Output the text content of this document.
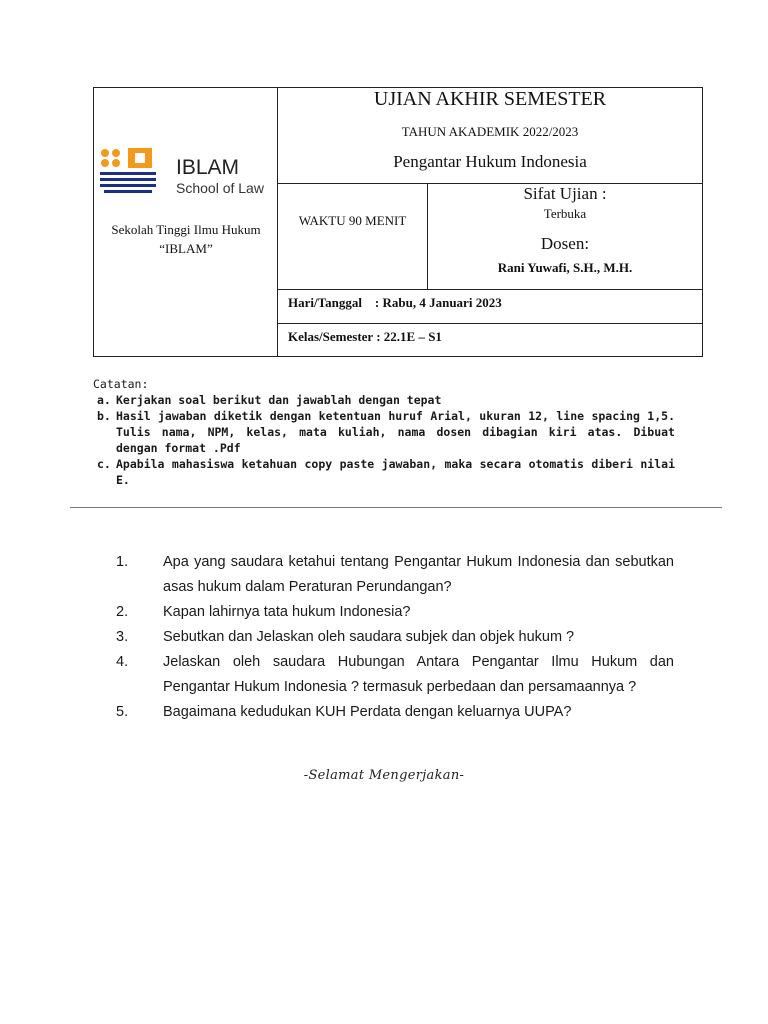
IBLAM
School of Law
Sekolah Tinggi Ilmu Hukum “IBLAM”
UJIAN AKHIR SEMESTER
TAHUN AKADEMIK 2022/2023
Pengantar Hukum Indonesia
WAKTU 90 MENIT
Sifat Ujian :
Terbuka
Dosen:
Rani Yuwafi, S.H., M.H.
Hari/Tanggal    : Rabu, 4 Januari 2023
Kelas/Semester : 22.1E – S1
Catatan:
a. Kerjakan soal berikut dan jawablah dengan tepat
b. Hasil jawaban diketik dengan ketentuan huruf Arial, ukuran 12, line spacing 1,5. Tulis nama, NPM, kelas, mata kuliah, nama dosen dibagian kiri atas. Dibuat dengan format .Pdf
c. Apabila mahasiswa ketahuan copy paste jawaban, maka secara otomatis diberi nilai E.
1.	Apa yang saudara ketahui tentang Pengantar Hukum Indonesia dan sebutkan asas hukum dalam Peraturan Perundangan?
2.	Kapan lahirnya tata hukum Indonesia?
3.	Sebutkan dan Jelaskan oleh saudara subjek dan objek hukum ?
4.	Jelaskan oleh saudara Hubungan Antara Pengantar Ilmu Hukum dan Pengantar Hukum Indonesia ? termasuk perbedaan dan persamaannya ?
5.	Bagaimana kedudukan KUH Perdata dengan keluarnya UUPA?
-Selamat Mengerjakan-
